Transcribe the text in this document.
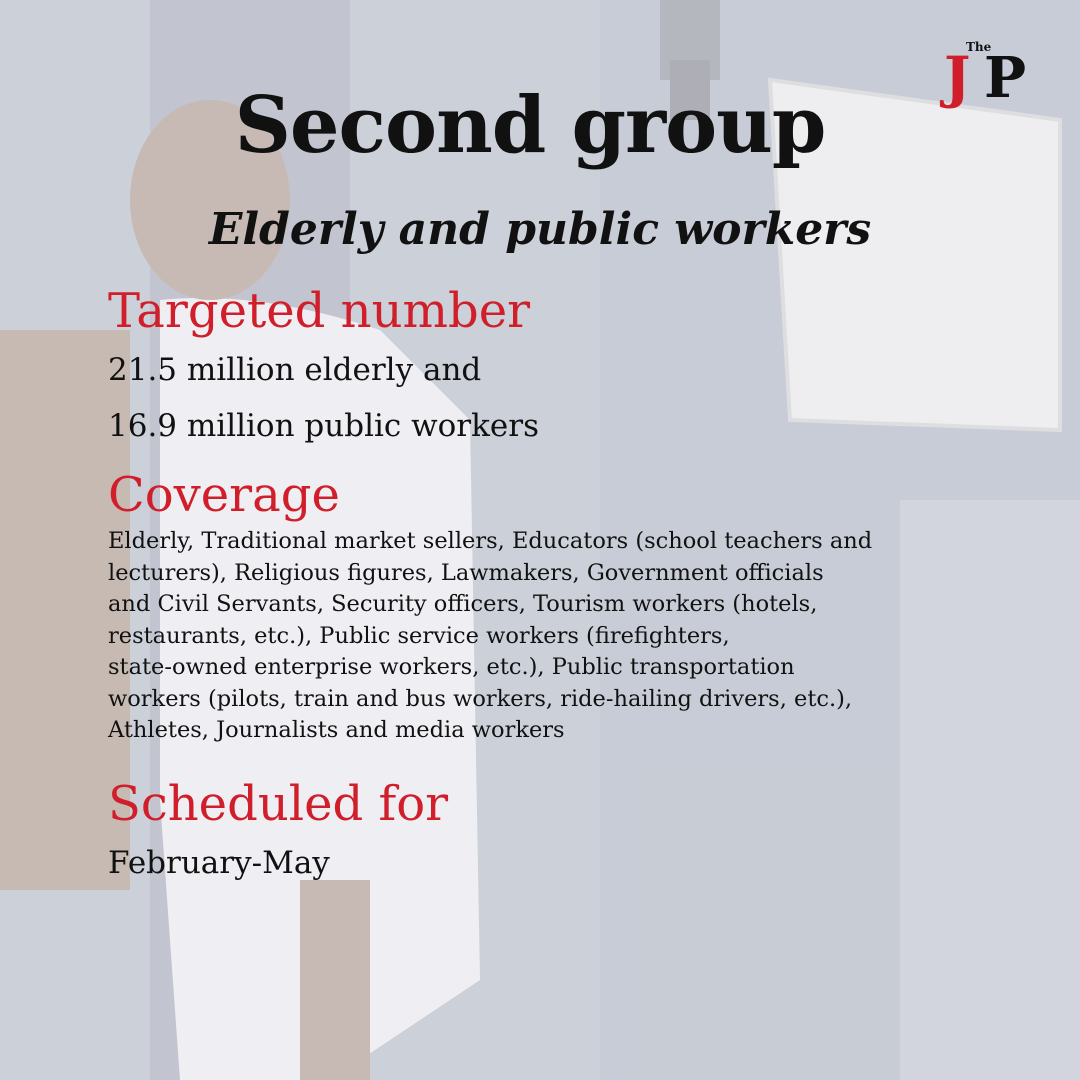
The

J P

Second group
Elderly and public workers
Targeted number

21.5 million elderly and

16.9 million public workers

Coverage

Elderly, Traditional market sellers, Educators (school teachers and

lecturers), Religious figures, Lawmakers, Government officials

and Civil Servants, Security officers, Tourism workers (hotels,

restaurants, etc.), Public service workers (firefighters,

state-owned enterprise workers, etc.), Public transportation

workers (pilots, train and bus workers, ride-hailing drivers, etc.),

Athletes, Journalists and media workers

Scheduled for

February-May
